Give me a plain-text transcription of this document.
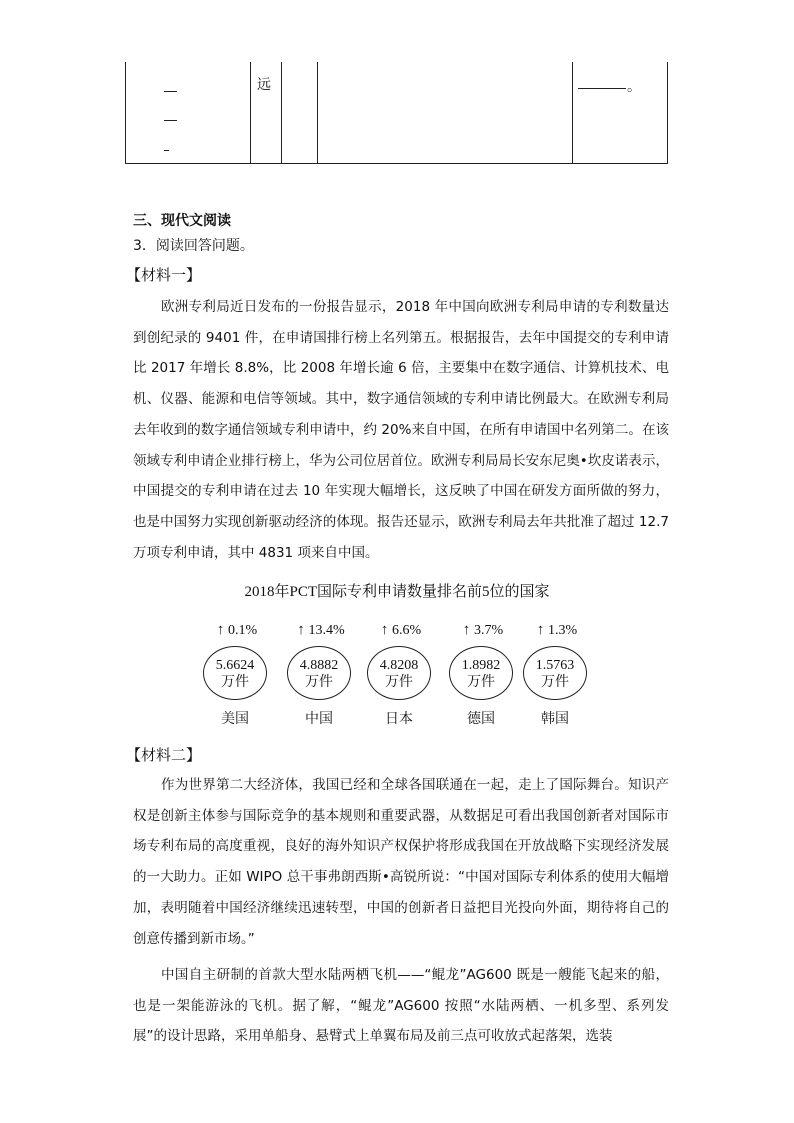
远	。
三、现代文阅读
3．阅读回答问题。
【材料一】
欧洲专利局近日发布的一份报告显示，2018 年中国向欧洲专利局申请的专利数量达到创纪录的 9401 件，在申请国排行榜上名列第五。根据报告，去年中国提交的专利申请比 2017 年增长 8.8%，比 2008 年增长逾 6 倍，主要集中在数字通信、计算机技术、电机、仪器、能源和电信等领域。其中，数字通信领域的专利申请比例最大。在欧洲专利局去年收到的数字通信领域专利申请中，约 20%来自中国，在所有申请国中名列第二。在该领域专利申请企业排行榜上，华为公司位居首位。欧洲专利局局长安东尼奥•坎皮诺表示，中国提交的专利申请在过去 10 年实现大幅增长，这反映了中国在研发方面所做的努力，也是中国努力实现创新驱动经济的体现。报告还显示，欧洲专利局去年共批准了超过 12.7 万项专利申请，其中 4831 项来自中国。
2018年PCT国际专利申请数量排名前5位的国家
↑ 0.1%
5.6624
万件
美国
↑ 13.4%
4.8882
万件
中国
↑ 6.6%
4.8208
万件
日本
↑ 3.7%
1.8982
万件
德国
↑ 1.3%
1.5763
万件
韩国
【材料二】
作为世界第二大经济体，我国已经和全球各国联通在一起，走上了国际舞台。知识产权是创新主体参与国际竞争的基本规则和重要武器，从数据足可看出我国创新者对国际市场专利布局的高度重视，良好的海外知识产权保护将形成我国在开放战略下实现经济发展的一大助力。正如 WIPO 总干事弗朗西斯•高锐所说：“中国对国际专利体系的使用大幅增加，表明随着中国经济继续迅速转型，中国的创新者日益把目光投向外面，期待将自己的创意传播到新市场。”
中国自主研制的首款大型水陆两栖飞机——“鲲龙”AG600 既是一艘能飞起来的船，也是一架能游泳的飞机。据了解，“鲲龙”AG600 按照“水陆两栖、一机多型、系列发展”的设计思路，采用单船身、悬臂式上单翼布局及前三点可收放式起落架，选装
